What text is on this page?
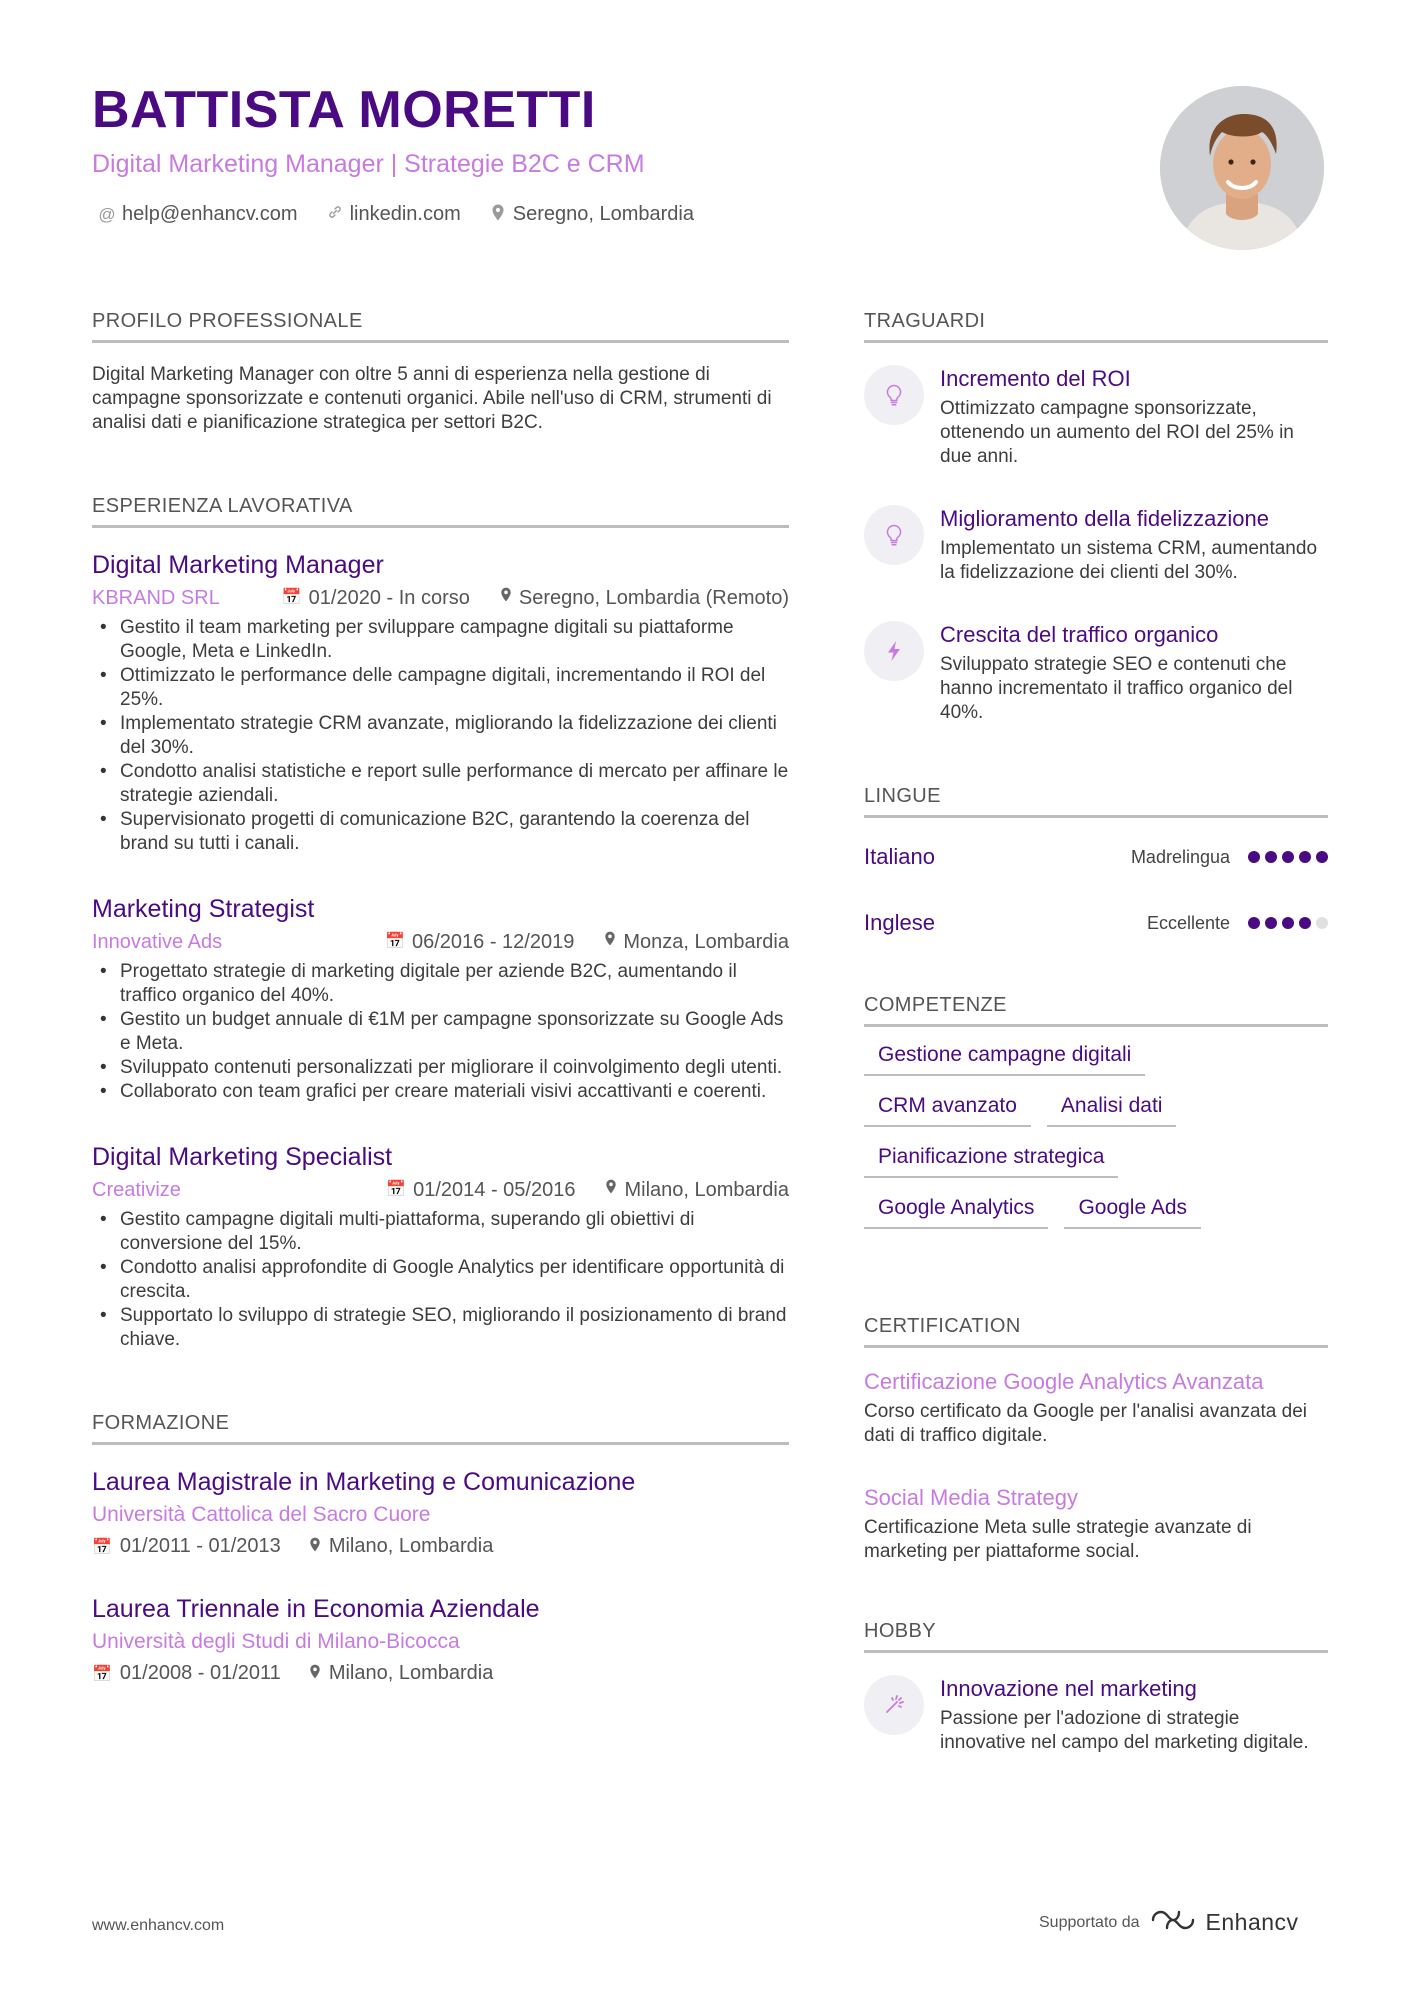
BATTISTA MORETTI
Digital Marketing Manager | Strategie B2C e CRM
@ help@enhancv.com	linkedin.com	Seregno, Lombardia
PROFILO PROFESSIONALE

Digital Marketing Manager con oltre 5 anni di esperienza nella gestione di campagne sponsorizzate e contenuti organici. Abile nell'uso di CRM, strumenti di analisi dati e pianificazione strategica per settori B2C.

ESPERIENZA LAVORATIVA
Digital Marketing Manager
KBRAND SRL	📅 01/2020 - In corso Seregno, Lombardia (Remoto)
• Gestito il team marketing per sviluppare campagne digitali su piattaforme Google, Meta e LinkedIn.
• Ottimizzato le performance delle campagne digitali, incrementando il ROI del 25%.
• Implementato strategie CRM avanzate, migliorando la fidelizzazione dei clienti del 30%.
• Condotto analisi statistiche e report sulle performance di mercato per affinare le strategie aziendali.
• Supervisionato progetti di comunicazione B2C, garantendo la coerenza del brand su tutti i canali.
Marketing Strategist
Innovative Ads	📅 06/2016 - 12/2019 Monza, Lombardia
• Progettato strategie di marketing digitale per aziende B2C, aumentando il traffico organico del 40%.
• Gestito un budget annuale di €1M per campagne sponsorizzate su Google Ads e Meta.
• Sviluppato contenuti personalizzati per migliorare il coinvolgimento degli utenti.
• Collaborato con team grafici per creare materiali visivi accattivanti e coerenti.
Digital Marketing Specialist
Creativize	📅 01/2014 - 05/2016 Milano, Lombardia
• Gestito campagne digitali multi-piattaforma, superando gli obiettivi di conversione del 15%.
• Condotto analisi approfondite di Google Analytics per identificare opportunità di crescita.
• Supportato lo sviluppo di strategie SEO, migliorando il posizionamento di brand chiave.
FORMAZIONE
Laurea Magistrale in Marketing e Comunicazione
Università Cattolica del Sacro Cuore
📅 01/2011 - 01/2013 Milano, Lombardia
Laurea Triennale in Economia Aziendale
Università degli Studi di Milano-Bicocca
📅 01/2008 - 01/2011 Milano, Lombardia
TRAGUARDI
Incremento del ROI
Ottimizzato campagne sponsorizzate, ottenendo un aumento del ROI del 25% in due anni.
Miglioramento della fidelizzazione
Implementato un sistema CRM, aumentando la fidelizzazione dei clienti del 30%.
Crescita del traffico organico
Sviluppato strategie SEO e contenuti che hanno incrementato il traffico organico del 40%.
LINGUE
Italiano	Madrelingua
Inglese	Eccellente
COMPETENZE
Gestione campagne digitali
CRM avanzato	Analisi dati
Pianificazione strategica
Google Analytics	Google Ads
CERTIFICATION
Certificazione Google Analytics Avanzata
Corso certificato da Google per l'analisi avanzata dei dati di traffico digitale.
Social Media Strategy
Certificazione Meta sulle strategie avanzate di marketing per piattaforme social.
HOBBY
Innovazione nel marketing
Passione per l'adozione di strategie innovative nel campo del marketing digitale.
www.enhancv.com	Supportato da	Enhancv
